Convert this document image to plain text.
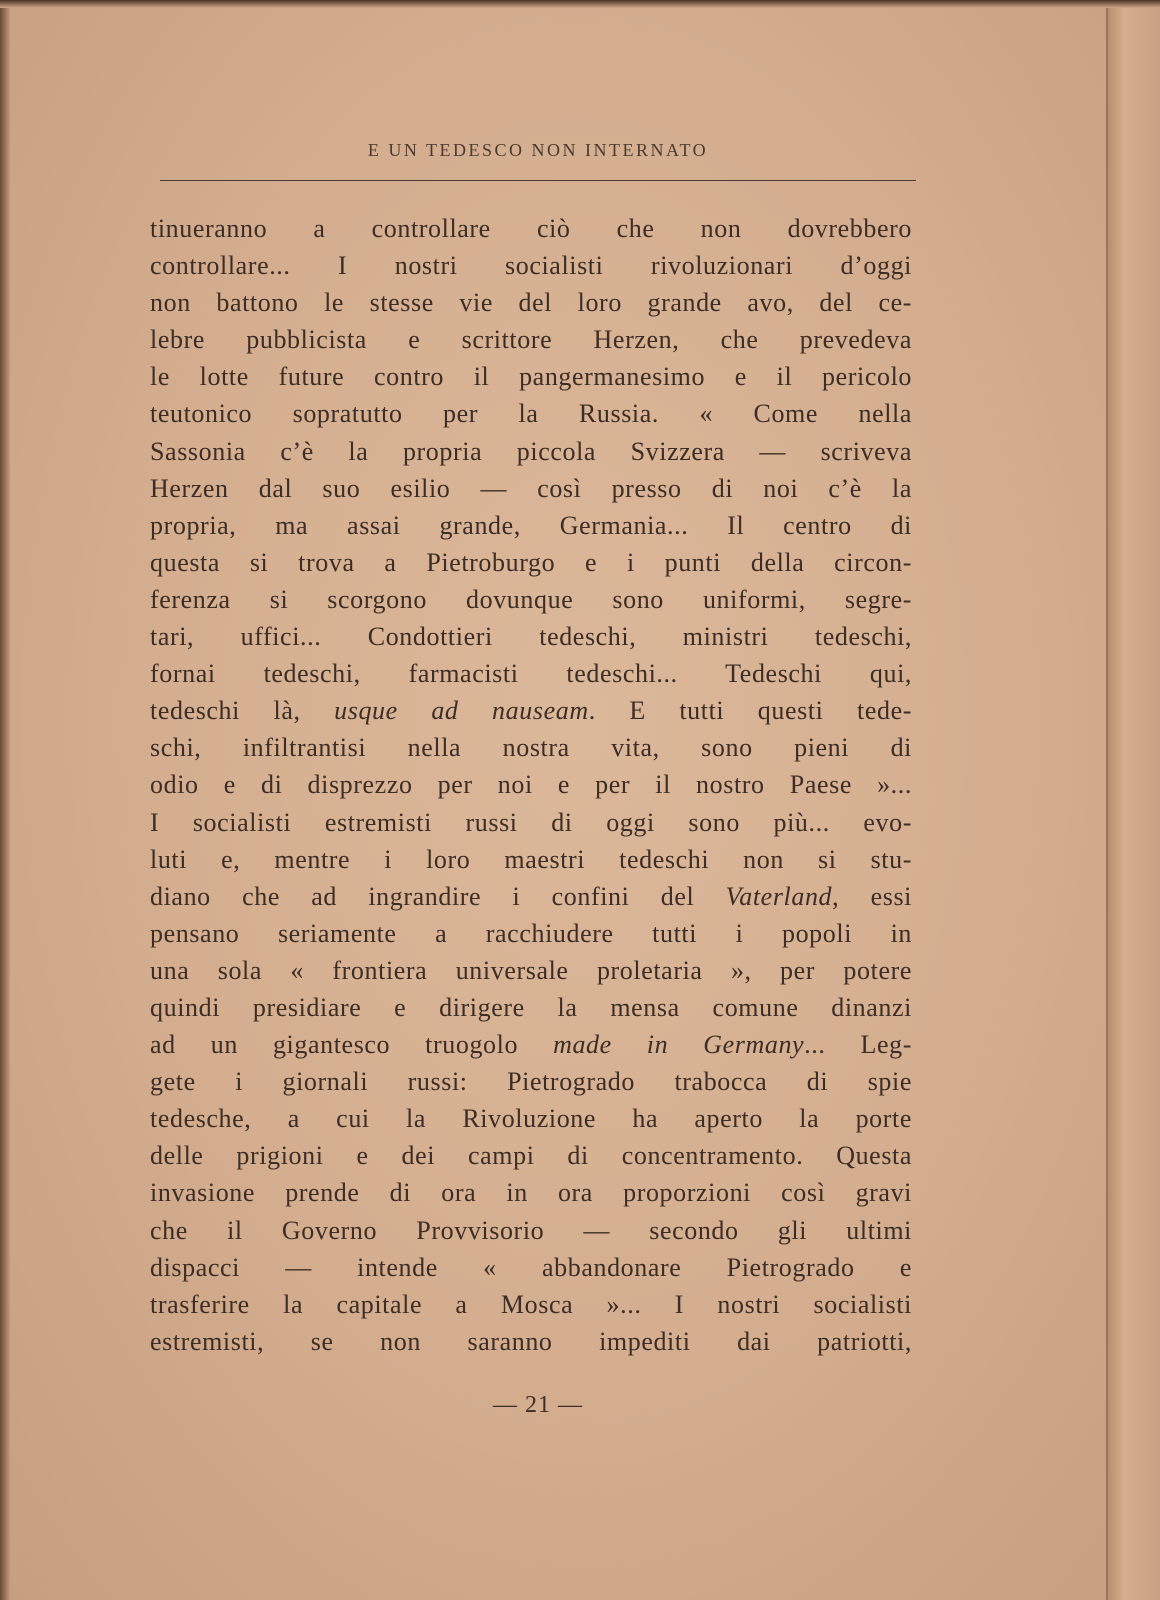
E UN TEDESCO NON INTERNATO
tinueranno a controllare ciò che non dovrebbero
controllare... I nostri socialisti rivoluzionari d’oggi
non battono le stesse vie del loro grande avo, del ce-
lebre pubblicista e scrittore Herzen, che prevedeva
le lotte future contro il pangermanesimo e il pericolo
teutonico sopratutto per la Russia. « Come nella
Sassonia c’è la propria piccola Svizzera — scriveva
Herzen dal suo esilio — così presso di noi c’è la
propria, ma assai grande, Germania... Il centro di
questa si trova a Pietroburgo e i punti della circon-
ferenza si scorgono dovunque sono uniformi, segre-
tari, uffici... Condottieri tedeschi, ministri tedeschi,
fornai tedeschi, farmacisti tedeschi... Tedeschi qui,
tedeschi là, usque ad nauseam. E tutti questi tede-
schi, infiltrantisi nella nostra vita, sono pieni di
odio e di disprezzo per noi e per il nostro Paese »...
I socialisti estremisti russi di oggi sono più... evo-
luti e, mentre i loro maestri tedeschi non si stu-
diano che ad ingrandire i confini del Vaterland, essi
pensano seriamente a racchiudere tutti i popoli in
una sola « frontiera universale proletaria », per potere
quindi presidiare e dirigere la mensa comune dinanzi
ad un gigantesco truogolo made in Germany... Leg-
gete i giornali russi: Pietrogrado trabocca di spie
tedesche, a cui la Rivoluzione ha aperto la porte
delle prigioni e dei campi di concentramento. Questa
invasione prende di ora in ora proporzioni così gravi
che il Governo Provvisorio — secondo gli ultimi
dispacci — intende « abbandonare Pietrogrado e
trasferire la capitale a Mosca »... I nostri socialisti
estremisti, se non saranno impediti dai patriotti,
— 21 —
